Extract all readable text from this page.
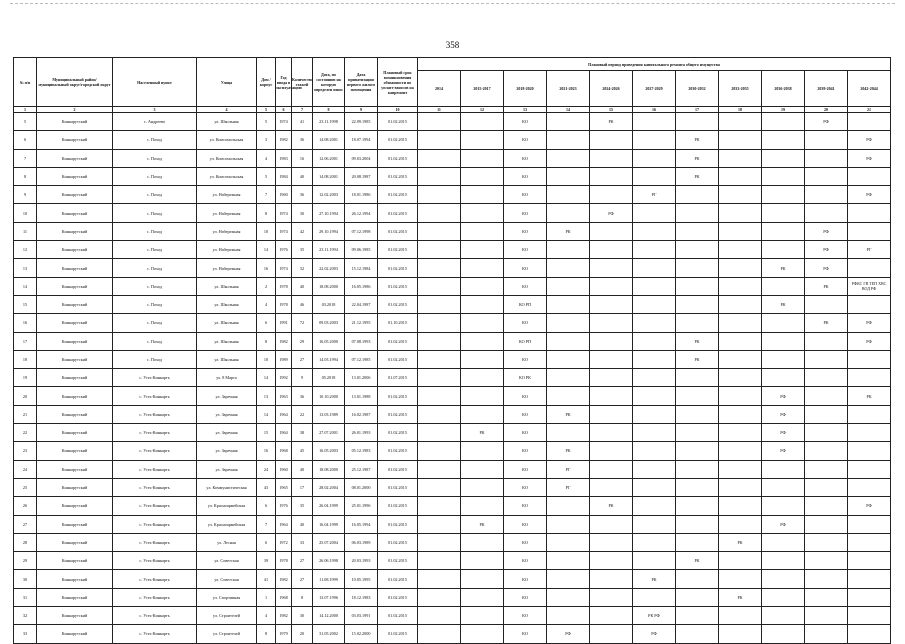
358
№ п/п	Муниципальный район/ муниципальный округ/городской округ	Населенный пункт	Улица	Дом / корпус	Год ввода в эксплуатацию	Количество этажей	Дата, по состоянию на которую определен износ	Дата приватизации первого жилого помещения	Плановый срок возникновения обязанности по уплате взносов на капремонт	Плановый период проведения капитального ремонта общего имущества										
										2014	2015-2017	2018-2020	2021-2023	2024-2026	2027-2029	2030-2032	2033-2035	2036-2038	2039-2041	2042-2044
1	2	3	4	5	6	7	8	9	10	11	12	13	14	15	16	17	18	19	20	21
5	Кинкарутский	с. Андреево	ул. Школьная	5	1974	41	23.11.1998	22.09.1985	01.02.2015			КО		РК					РФ	
6	Кинкарутский	с. Поход	ул. Комсомольская	3	1982	36	14.08.2001	18.07.1994	01.02.2015			КО				РК				РФ
7	Кинкарутский	с. Поход	ул. Комсомольская	4	1983	16	12.06.2001	09.03.2004	01.02.2015			КО				РК				РФ
8	Кинкарутский	с. Поход	ул. Комсомольская	5	1984	40	14.08.2001	20.08.1987	01.02.2015			КО				РК				
9	Кинкарутский	с. Поход	ул. Набережная	7	1960	36	12.02.2003	18.01.1986	01.02.2015			КО			РГ					РФ
10	Кинкарутский	с. Поход	ул. Набережная	8	1974	30	27.10.1994	26.12.1994	01.02.2015			КО		РФ						
11	Кинкарутский	с. Поход	ул. Набережная	10	1974	42	29.10.1994	07.12.1998	01.02.2015			КО	РК						РФ	
12	Кинкарутский	с. Поход	ул. Набережная	14	1976	35	23.11.1994	09.06.1985	01.02.2015			КО							РФ	РГ
13	Кинкарутский	с. Поход	ул. Набережная	16	1974	32	22.02.2003	15.12.1984	01.02.2015			КО						РК	РФ	
14	Кинкарутский	с. Поход	ул. Школьная	2	1978	40	18.08.2000	16.05.1986	01.02.2015			КО							РК	РФКС ГВ ТЕП ХВС ВОД РФ
15	Кинкарутский	с. Поход	ул. Школьная	4	1978	46	03.2018	22.04.1987	01.02.2015			КО РП						РК		
16	Кинкарутский	с. Поход	ул. Школьная	6	1991	72	09.03.2003	21.12.1995	01.10.2015			КО							РК	РФ
17	Кинкарутский	с. Поход	ул. Школьная	8	1982	29	16.05.2000	07.08.1993	01.02.2015			КО РП				РК				РФ
18	Кинкарутский	с. Поход	ул. Школьная	10	1989	27	14.03.1994	07.12.1985	01.02.2015			КО				РК				
19	Кинкарутский	с. Усть-Кинкарть	ул. 8 Марта	14	1992	9	05.2018	13.01.2006	01.07.2015			КО РК								
20	Кинкарутский	с. Усть-Кинкарть	ул. Заречная	13	1963	36	10.10.2000	13.01.1988	01.02.2015			КО						РФ		РК
21	Кинкарутский	с. Усть-Кинкарть	ул. Заречная	14	1964	22	13.03.1989	16.02.1987	01.02.2015			КО	РК					РФ		
22	Кинкарутский	с. Усть-Кинкарть	ул. Заречная	15	1964	38	27.07.2001	26.01.1993	01.02.2015		РК	КО						РФ		
23	Кинкарутский	с. Усть-Кинкарть	ул. Заречная	16	1968	45	16.05.2003	05.12.1983	01.02.2015			КО	РК					РФ		
24	Кинкарутский	с. Усть-Кинкарть	ул. Заречная	24	1960	40	18.08.2000	25.12.1987	01.02.2015			КО	РГ							
25	Кинкарутский	с. Усть-Кинкарть	ул. Коммунистическая	43	1965	17	28.02.2004	08.01.2000	01.02.2015			КО	РГ							
26	Кинкарутский	с. Усть-Кинкарть	ул. Красноармейская	6	1976	35	26.04.1999	25.01.1996	01.02.2015			КО		РК						РФ
27	Кинкарутский	с. Усть-Кинкарть	ул. Красноармейская	7	1964	40	16.04.1999	16.05.1994	01.02.2015		РК	КО						РФ		
28	Кинкарутский	с. Усть-Кинкарть	ул. Лесная	6	1972	33	25.07.2004	06.03.1989	01.02.2015			КО					РК			
29	Кинкарутский	с. Усть-Кинкарть	ул. Советская	39	1978	27	26.06.1998	20.03.1993	01.02.2015			КО				РК				
30	Кинкарутский	с. Усть-Кинкарть	ул. Советская	41	1982	27	11.08.1999	10.05.1995	01.02.2015			КО			РК					
31	Кинкарутский	с. Усть-Кинкарть	ул. Спортивная	1	1968	8	13.07.1996	18.12.1983	01.02.2015			КО					РК			
32	Кинкарутский	с. Усть-Кинкарть	ул. Строителей	4	1982	30	14.12.2000	03.03.1991	01.02.2015			КО			РК РФ					
33	Кинкарутский	с. Усть-Кинкарть	ул. Строителей	8	1979	20	31.05.2002	15.02.2000	01.02.2015			КО	РФ		РФ					
